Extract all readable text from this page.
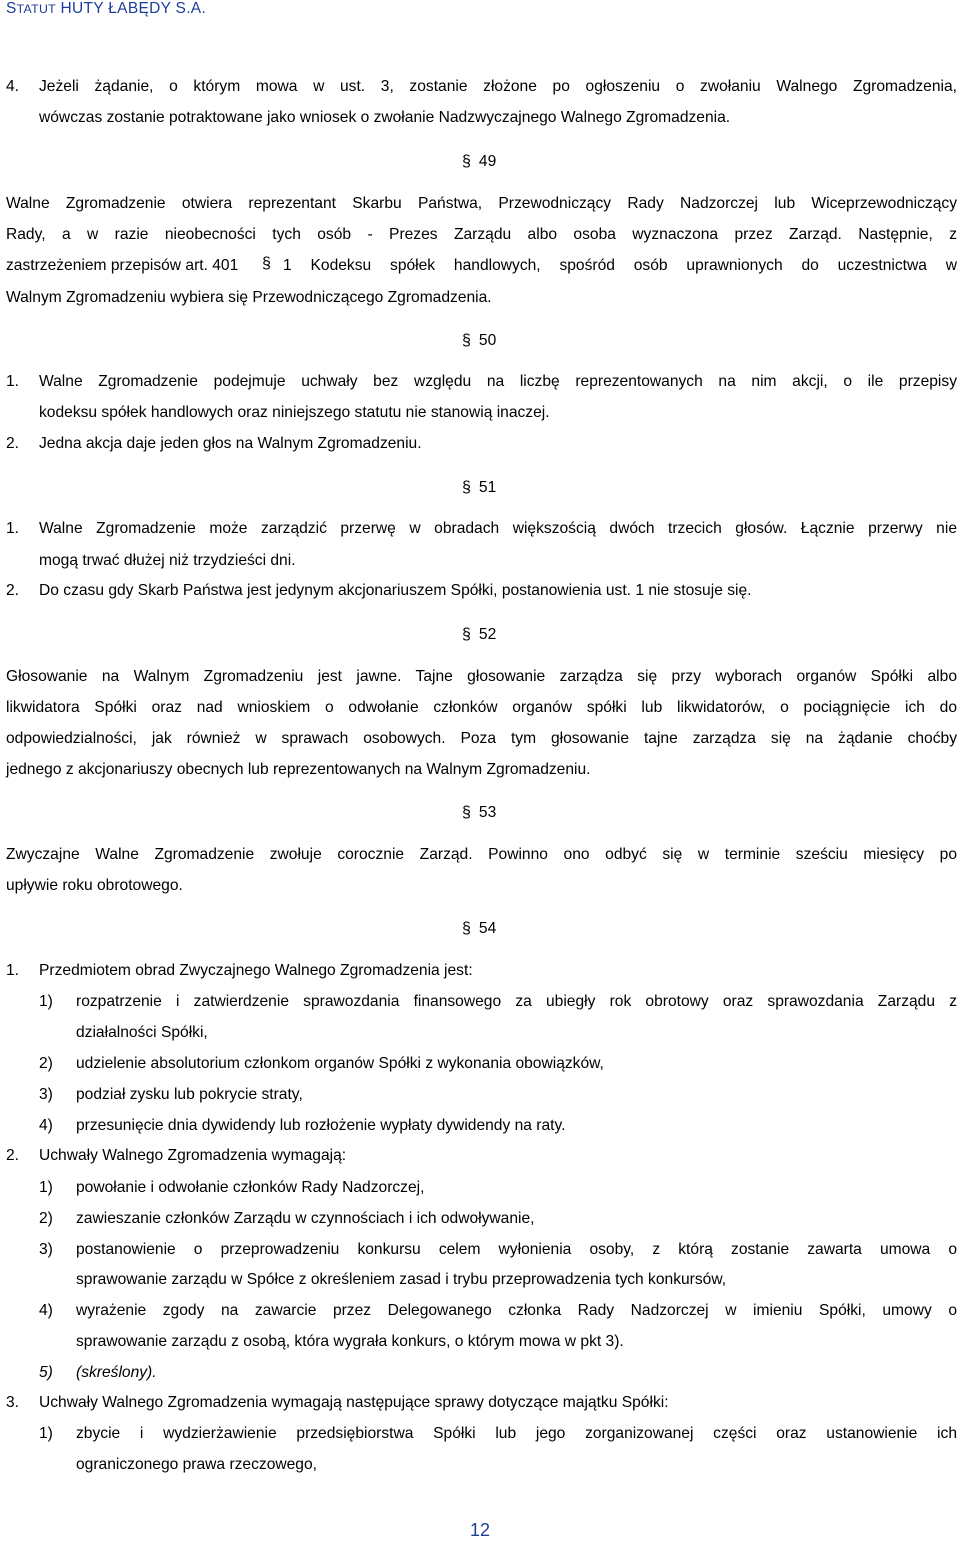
STATUT HUTY ŁABĘDY S.A.
4. Jeżeli żądanie, o którym mowa w ust. 3, zostanie złożone po ogłoszeniu o zwołaniu Walnego Zgromadzenia,
wówczas zostanie potraktowane jako wniosek o zwołanie Nadzwyczajnego Walnego Zgromadzenia.
§ 49
Walne Zgromadzenie otwiera reprezentant Skarbu Państwa, Przewodniczący Rady Nadzorczej lub Wiceprzewodniczący
Rady, a w razie nieobecności tych osób - Prezes Zarządu albo osoba wyznaczona przez Zarząd. Następnie, z
zastrzeżeniem przepisów art. 401 § 1 Kodeksu spółek handlowych, spośród osób uprawnionych do uczestnictwa w
Walnym Zgromadzeniu wybiera się Przewodniczącego Zgromadzenia.
§ 50
1. Walne Zgromadzenie podejmuje uchwały bez względu na liczbę reprezentowanych na nim akcji, o ile przepisy
kodeksu spółek handlowych oraz niniejszego statutu nie stanowią inaczej.
2. Jedna akcja daje jeden głos na Walnym Zgromadzeniu.
§ 51
1. Walne Zgromadzenie może zarządzić przerwę w obradach większością dwóch trzecich głosów. Łącznie przerwy nie
mogą trwać dłużej niż trzydzieści dni.
2. Do czasu gdy Skarb Państwa jest jedynym akcjonariuszem Spółki, postanowienia ust. 1 nie stosuje się.
§ 52
Głosowanie na Walnym Zgromadzeniu jest jawne. Tajne głosowanie zarządza się przy wyborach organów Spółki albo
likwidatora Spółki oraz nad wnioskiem o odwołanie członków organów spółki lub likwidatorów, o pociągnięcie ich do
odpowiedzialności, jak również w sprawach osobowych. Poza tym głosowanie tajne zarządza się na żądanie choćby
jednego z akcjonariuszy obecnych lub reprezentowanych na Walnym Zgromadzeniu.
§ 53
Zwyczajne Walne Zgromadzenie zwołuje corocznie Zarząd. Powinno ono odbyć się w terminie sześciu miesięcy po
upływie roku obrotowego.
§ 54
1. Przedmiotem obrad Zwyczajnego Walnego Zgromadzenia jest:
1) rozpatrzenie i zatwierdzenie sprawozdania finansowego za ubiegły rok obrotowy oraz sprawozdania Zarządu z
działalności Spółki,
2) udzielenie absolutorium członkom organów Spółki z wykonania obowiązków,
3) podział zysku lub pokrycie straty,
4) przesunięcie dnia dywidendy lub rozłożenie wypłaty dywidendy na raty.
2. Uchwały Walnego Zgromadzenia wymagają:
1) powołanie i odwołanie członków Rady Nadzorczej,
2) zawieszanie członków Zarządu w czynnościach i ich odwoływanie,
3) postanowienie o przeprowadzeniu konkursu celem wyłonienia osoby, z którą zostanie zawarta umowa o
sprawowanie zarządu w Spółce z określeniem zasad i trybu przeprowadzenia tych konkursów,
4) wyrażenie zgody na zawarcie przez Delegowanego członka Rady Nadzorczej w imieniu Spółki, umowy o
sprawowanie zarządu z osobą, która wygrała konkurs, o którym mowa w pkt 3).
5) (skreślony).
3. Uchwały Walnego Zgromadzenia wymagają następujące sprawy dotyczące majątku Spółki:
1) zbycie i wydzierżawienie przedsiębiorstwa Spółki lub jego zorganizowanej części oraz ustanowienie ich
ograniczonego prawa rzeczowego,
12
